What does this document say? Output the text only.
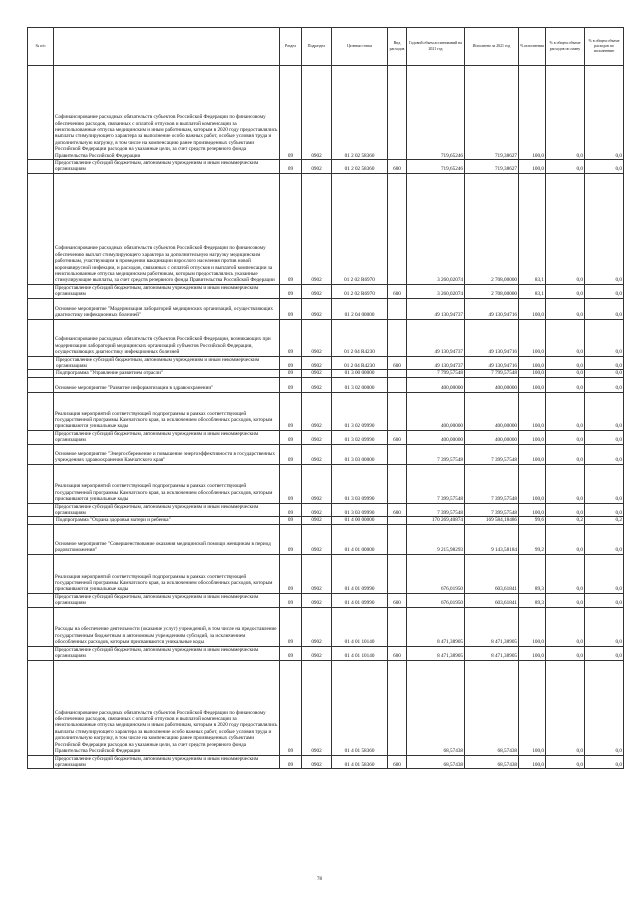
№ п/п		Раздел	Подраздел	Целевая статья	Вид расходов	Годовой объем ассигнований на 2021 год	Исполнено за 2021 год	% исполнения	% в общем объеме расходов по плану	% в общем объеме расходов по исполнению
	Софинансирование расходных обязательств субъектов Российской Федерации по финансовому обеспечению расходов, связанных с оплатой отпусков и выплатой компенсации за неиспользованные отпуска медицинским и иным работникам, которым в 2020 году предоставлялись выплаты стимулирующего характера за выполнение особо важных работ, особые условия труда и дополнительную нагрузку, в том числе на компенсацию ранее произведенных субъектами Российской Федерации расходов на указанные цели, за счет средств резервного фонда Правительства Российской Федерации	09	0902	01 2 02 58360		719,65246	719,38627	100,0	0,0	0,0
	Предоставление субсидий бюджетным, автономным учреждениям и иным некоммерческим организациям	09	0902	01 2 02 58360	600	719,65246	719,38627	100,0	0,0	0,0
	Софинансирование расходных обязательств субъектов Российской Федерации по финансовому обеспечению выплат стимулирующего характера за дополнительную нагрузку медицинским работникам, участвующим в проведении вакцинации взрослого населения против новой коронавирусной инфекции, и расходов, связанных с оплатой отпусков и выплатой компенсации за неиспользованные отпуска медицинским работникам, которым предоставлялись указанные стимулирующие выплаты, за счет средств резервного фонда Правительства Российской Федерации	09	0902	01 2 02 R6970		3 260,02074	2 708,00000	83,1	0,0	0,0
	Предоставление субсидий бюджетным, автономным учреждениям и иным некоммерческим организациям	09	0902	01 2 02 R6970	600	3 260,02074	2 708,00000	83,1	0,0	0,0
	Основное мероприятие "Модернизация лабораторий медицинских организаций, осуществляющих диагностику инфекционных болезней"	09	0902	01 2 04 00000		49 130,94737	49 130,94716	100,0	0,0	0,0
	Софинансирование расходных обязательств субъектов Российской Федерации, возникающих при модернизации лабораторий медицинских организаций субъектов Российской Федерации, осуществляющих диагностику инфекционных болезней	09	0902	01 2 04 R4230		49 130,94737	49 130,94716	100,0	0,0	0,0
	Предоставление субсидий бюджетным, автономным учреждениям и иным некоммерческим организациям	09	0902	01 2 04 R4230	600	49 130,94737	49 130,94716	100,0	0,0	0,0
	Подпрограмма "Управление развитием отрасли"	09	0902	01 3 00 00000		7 799,57548	7 799,57548	100,0	0,0	0,0
	Основное мероприятие "Развитие информатизации в здравоохранении"	09	0902	01 3 02 00000		400,00000	400,00000	100,0	0,0	0,0
	Реализация мероприятий соответствующей подпрограммы в рамках соответствующей государственной программы Камчатского края, за исключением обособленных расходов, которым присваиваются уникальные коды	09	0902	01 3 02 09990		400,00000	400,00000	100,0	0,0	0,0
	Предоставление субсидий бюджетным, автономным учреждениям и иным некоммерческим организациям	09	0902	01 3 02 09990	600	400,00000	400,00000	100,0	0,0	0,0
	Основное мероприятие "Энергосбережение и повышение энергоэффективности в государственных учреждениях здравоохранения Камчатского края"	09	0902	01 3 03 00000		7 399,57548	7 399,57548	100,0	0,0	0,0
	Реализация мероприятий соответствующей подпрограммы в рамках соответствующей государственной программы Камчатского края, за исключением обособленных расходов, которым присваиваются уникальные коды	09	0902	01 3 03 09990		7 399,57548	7 399,57548	100,0	0,0	0,0
	Предоставление субсидий бюджетным, автономным учреждениям и иным некоммерческим организациям	09	0902	01 3 03 09990	600	7 399,57548	7 399,57548	100,0	0,0	0,0
	Подпрограмма "Охрана здоровья матери и ребенка"	09	0902	01 4 00 00000		170 269,40874	169 584,18486	99,6	0,2	0,2
	Основное мероприятие "Совершенствование оказания медицинской помощи женщинам в период родовспоможения"	09	0902	01 4 01 00000		9 215,98293	9 143,58184	99,2	0,0	0,0
	Реализация мероприятий соответствующей подпрограммы в рамках соответствующей государственной программы Камчатского края, за исключением обособленных расходов, которым присваиваются уникальные коды	09	0902	01 4 01 09990		676,01950	603,61841	89,3	0,0	0,0
	Предоставление субсидий бюджетным, автономным учреждениям и иным некоммерческим организациям	09	0902	01 4 01 09990	600	676,01950	603,61841	89,3	0,0	0,0
	Расходы на обеспечение деятельности (оказание услуг) учреждений, в том числе на предоставление государственным бюджетным и автономным учреждениям субсидий, за исключением обособленных расходов, которым присваиваются уникальные коды	09	0902	01 4 01 10140		8 471,38905	8 471,38905	100,0	0,0	0,0
	Предоставление субсидий бюджетным, автономным учреждениям и иным некоммерческим организациям	09	0902	01 4 01 10140	600	8 471,38905	8 471,38905	100,0	0,0	0,0
	Софинансирование расходных обязательств субъектов Российской Федерации по финансовому обеспечению расходов, связанных с оплатой отпусков и выплатой компенсации за неиспользованные отпуска медицинским и иным работникам, которым в 2020 году предоставлялись выплаты стимулирующего характера за выполнение особо важных работ, особые условия труда и дополнительную нагрузку, в том числе на компенсацию ранее произведенных субъектами Российской Федерации расходов на указанные цели, за счет средств резервного фонда Правительства Российской Федерации	09	0902	01 4 01 58360		68,57438	68,57438	100,0	0,0	0,0
	Предоставление субсидий бюджетным, автономным учреждениям и иным некоммерческим организациям	09	0902	01 4 01 58360	600	68,57438	68,57438	100,0	0,0	0,0
78
